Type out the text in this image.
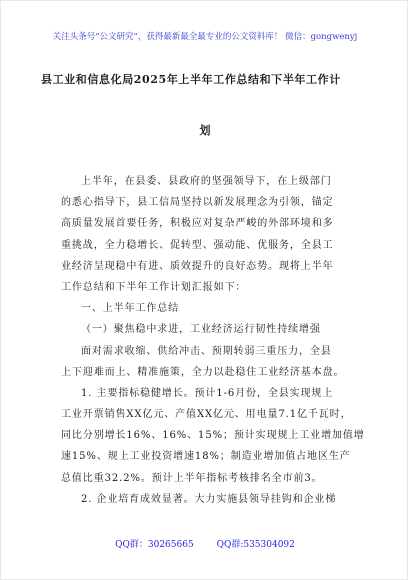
关注头条号“公文研究”，获得最新最全最专业的公文资料库！ 微信：gongwenyj
县工业和信息化局2025年上半年工作总结和下半年工作计
划
上半年，在县委、县政府的坚强领导下，在上级部门
的悉心指导下，县工信局坚持以新发展理念为引领，锚定
高质量发展首要任务，积极应对复杂严峻的外部环境和多
重挑战，全力稳增长、促转型、强动能、优服务，全县工
业经济呈现稳中有进、质效提升的良好态势。现将上半年
工作总结和下半年工作计划汇报如下：
一、上半年工作总结
（一）聚焦稳中求进，工业经济运行韧性持续增强
面对需求收缩、供给冲击、预期转弱三重压力，全县
上下迎难而上、精准施策，全力以赴稳住工业经济基本盘。
1. 主要指标稳健增长。预计1-6月份，全县实现规上
工业开票销售XX亿元、产值XX亿元、用电量7.1亿千瓦时，
同比分别增长16%、16%、15%；预计实现规上工业增加值增
速15%、规上工业投资增速18%；制造业增加值占地区生产
总值比重32.2%。预计上半年指标考核排名全市前3。
2. 企业培育成效显著。大力实施县领导挂钩和企业梯
QQ群：30265665	QQ群:535304092
